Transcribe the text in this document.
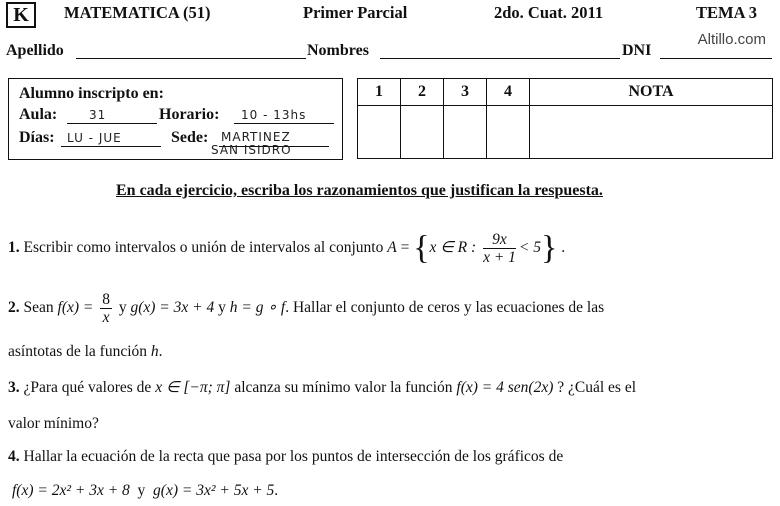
K	MATEMATICA (51)	Primer Parcial	2do. Cuat. 2011	TEMA 3
Altillo.com
Apellido	Nombres	DNI
Alumno inscripto en:
Aula:	31	Horario: 10 - 13hs
Días: LU - JUE	Sede: MARTINEZ
SAN ISIDRO
1	2	3	4	NOTA

En cada ejercicio, escriba los razonamientos que justifican la respuesta.
1. Escribir como intervalos o unión de intervalos al conjunto A = {x ∈ R : $\frac{9x}{x + 1} < 5$} .
2. Sean $f(x) = \frac{8}{x}$ y g(x) = 3x + 4 y h = g ∘ f. Hallar el conjunto de ceros y las ecuaciones de las
asíntotas de la función h.
3. ¿Para qué valores de x ∈ [−π; π] alcanza su mínimo valor la función f(x) = 4 sen(2x) ? ¿Cuál es el
valor mínimo?
4. Hallar la ecuación de la recta que pasa por los puntos de intersección de los gráficos de
f(x) = 2x² + 3x + 8 y g(x) = 3x² + 5x + 5.
